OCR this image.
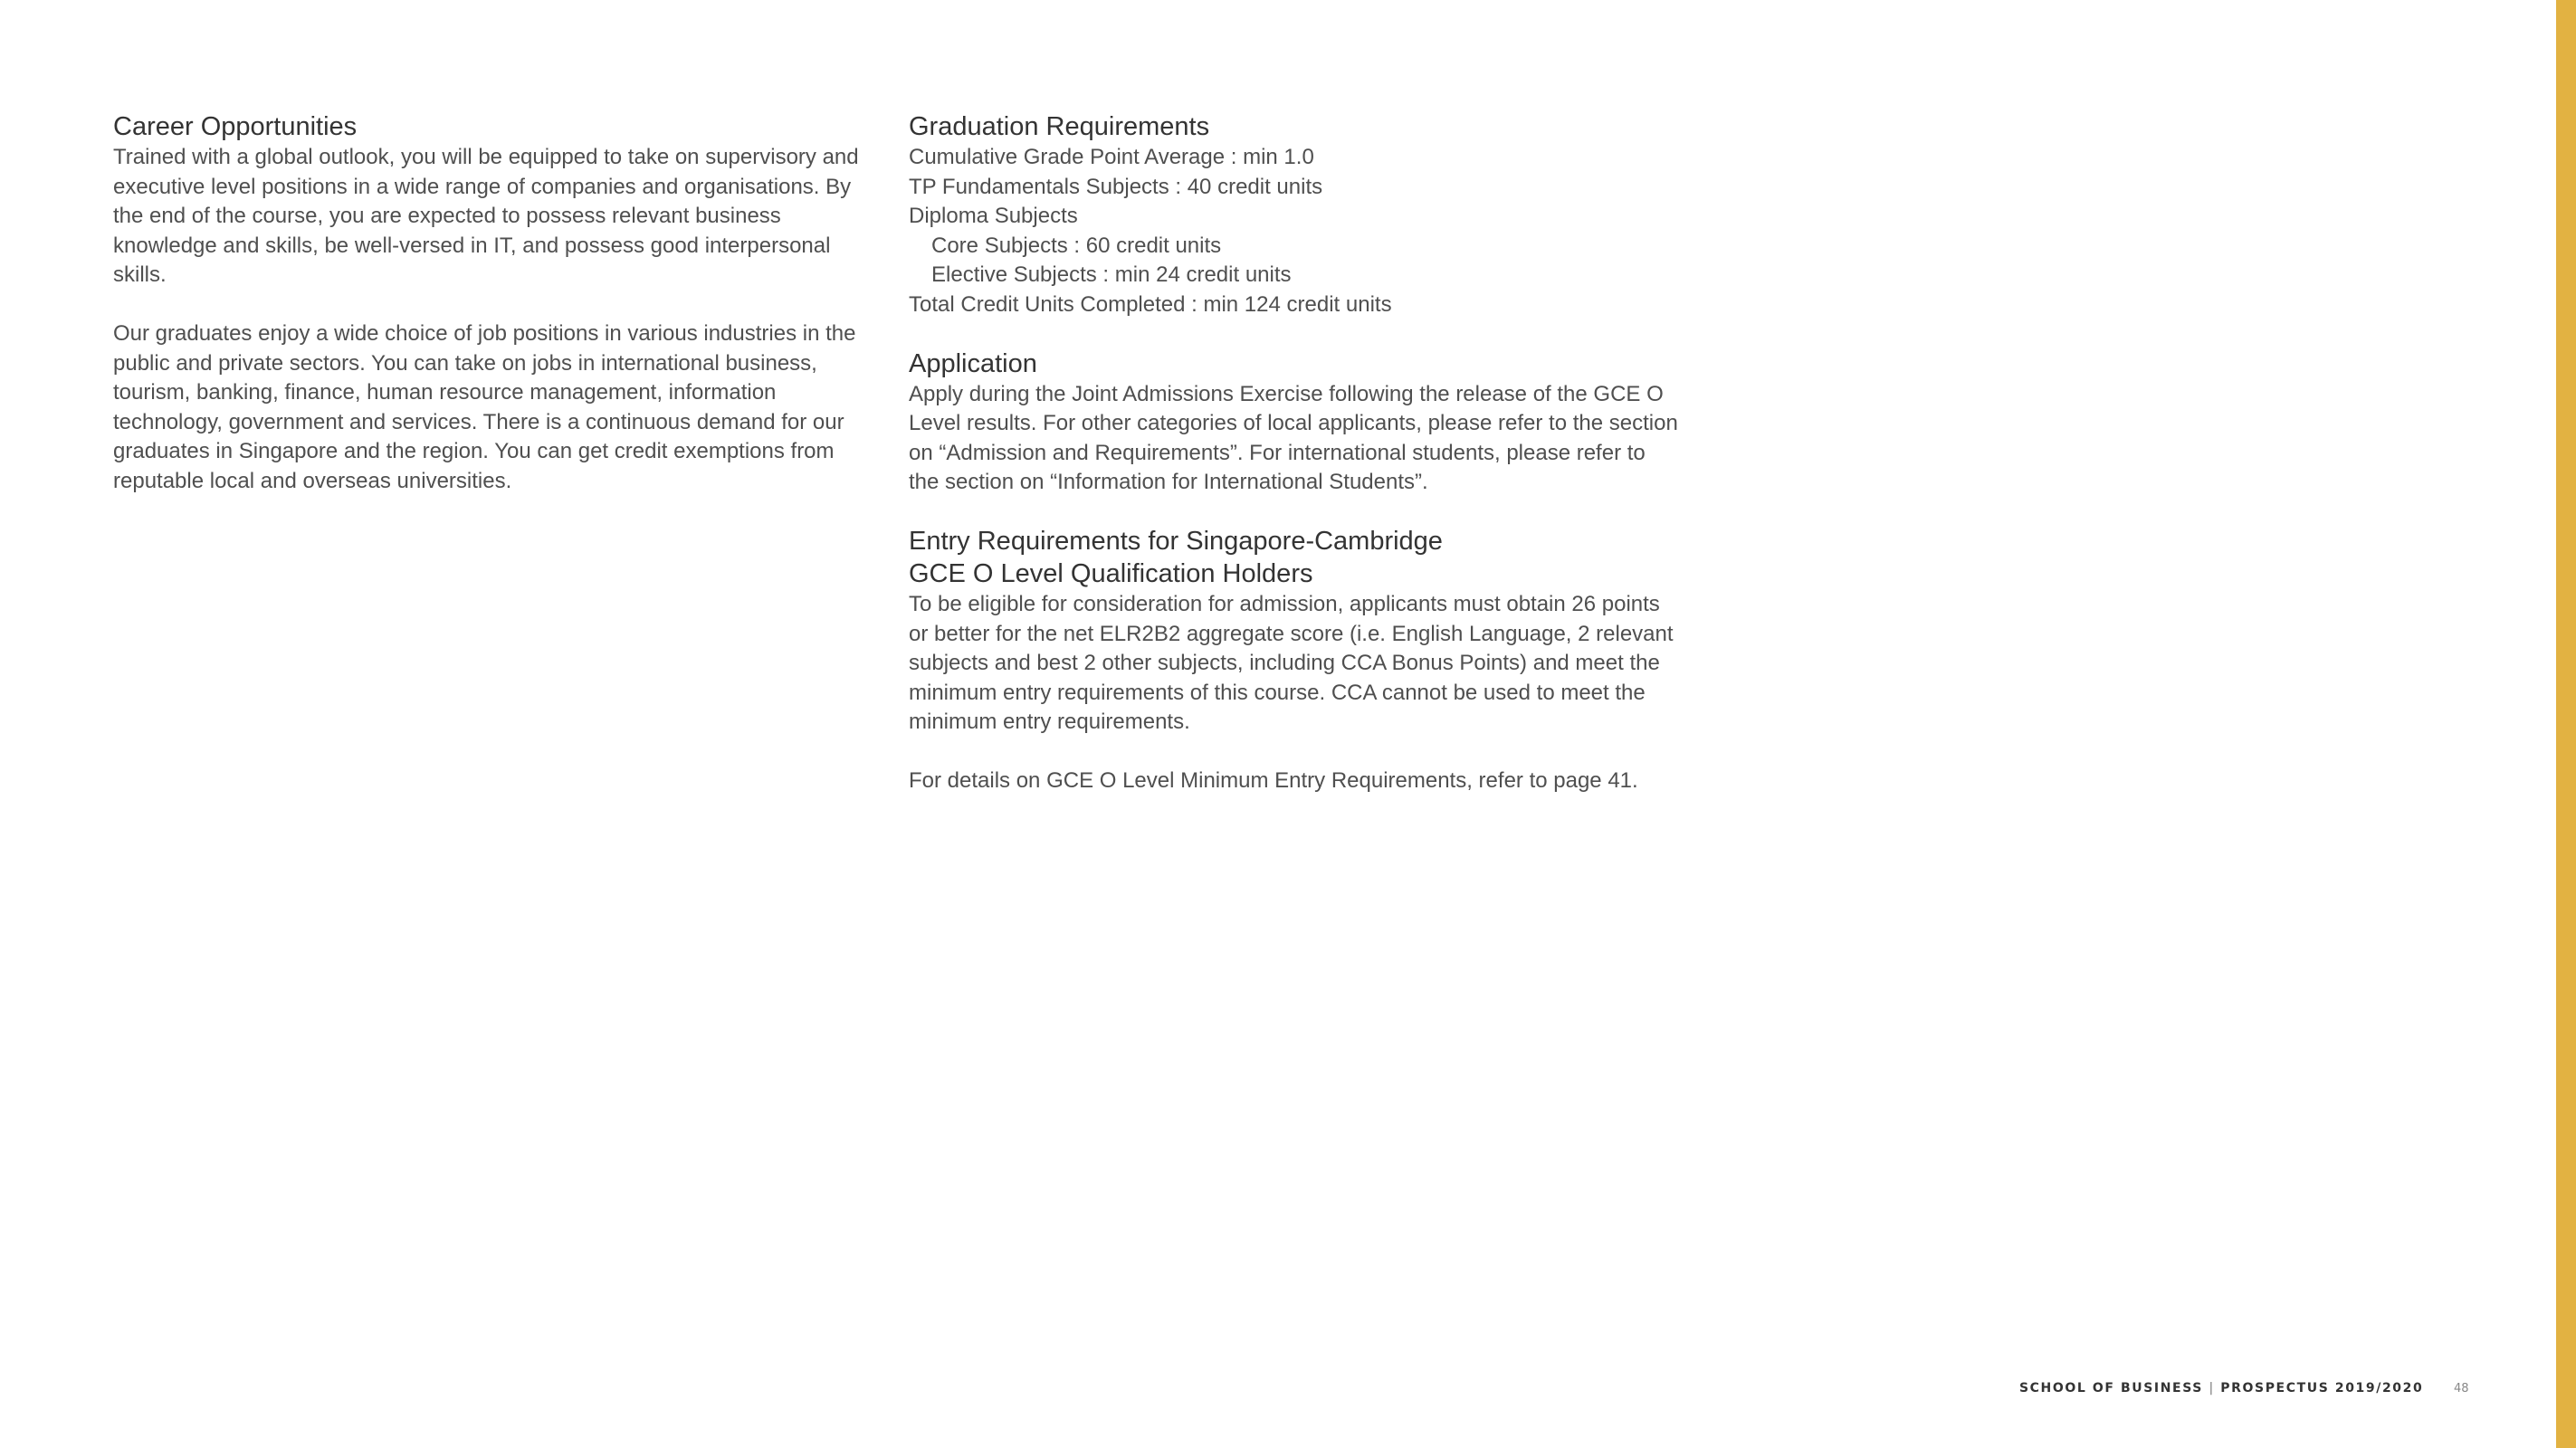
Career Opportunities

Trained with a global outlook, you will be equipped to take on supervisory and executive level positions in a wide range of companies and organisations. By the end of the course, you are expected to possess relevant business knowledge and skills, be well-versed in IT, and possess good interpersonal skills.

Our graduates enjoy a wide choice of job positions in various industries in the public and private sectors. You can take on jobs in international business, tourism, banking, finance, human resource management, information technology, government and services. There is a continuous demand for our graduates in Singapore and the region. You can get credit exemptions from reputable local and overseas universities.

Graduation Requirements
Cumulative Grade Point Average : min 1.0
TP Fundamentals Subjects : 40 credit units
Diploma Subjects
Core Subjects : 60 credit units
Elective Subjects : min 24 credit units
Total Credit Units Completed : min 124 credit units
Application

Apply during the Joint Admissions Exercise following the release of the GCE O Level results. For other categories of local applicants, please refer to the section on “Admission and Requirements”. For international students, please refer to the section on “Information for International Students”.

Entry Requirements for Singapore-Cambridge
GCE O Level Qualification Holders

To be eligible for consideration for admission, applicants must obtain 26 points or better for the net ELR2B2 aggregate score (i.e. English Language, 2 relevant subjects and best 2 other subjects, including CCA Bonus Points) and meet the minimum entry requirements of this course. CCA cannot be used to meet the minimum entry requirements.

For details on GCE O Level Minimum Entry Requirements, refer to page 41.

SCHOOL OF BUSINESS | PROSPECTUS 2019/2020	48
